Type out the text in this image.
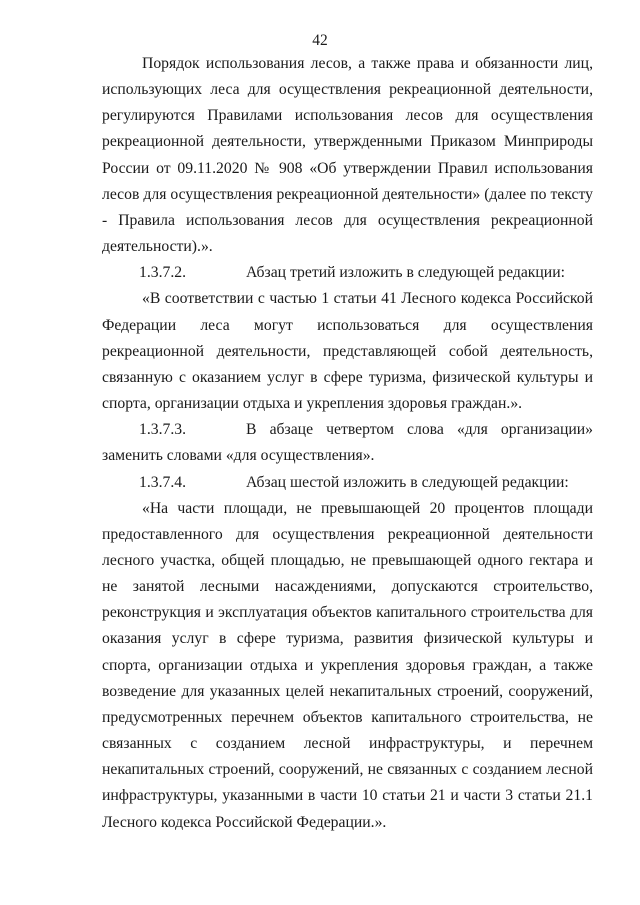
42

Порядок использования лесов, а также права и обязанности лиц, использующих леса для осуществления рекреационной деятельности, регулируются Правилами использования лесов для осуществления рекреационной деятельности, утвержденными Приказом Минприроды России от 09.11.2020 № 908 «Об утверждении Правил использования лесов для осуществления рекреационной деятельности» (далее по тексту - Правила использования лесов для осуществления рекреационной деятельности).».

1.3.7.2.	Абзац третий изложить в следующей редакции:

«В соответствии с частью 1 статьи 41 Лесного кодекса Российской Федерации леса могут использоваться для осуществления рекреационной деятельности, представляющей собой деятельность, связанную с оказанием услуг в сфере туризма, физической культуры и спорта, организации отдыха и укрепления здоровья граждан.».

1.3.7.3.	В абзаце четвертом слова «для организации» заменить словами «для осуществления».

1.3.7.4.	Абзац шестой изложить в следующей редакции:

«На части площади, не превышающей 20 процентов площади предоставленного для осуществления рекреационной деятельности лесного участка, общей площадью, не превышающей одного гектара и не занятой лесными насаждениями, допускаются строительство, реконструкция и эксплуатация объектов капитального строительства для оказания услуг в сфере туризма, развития физической культуры и спорта, организации отдыха и укрепления здоровья граждан, а также возведение для указанных целей некапитальных строений, сооружений, предусмотренных перечнем объектов капитального строительства, не связанных с созданием лесной инфраструктуры, и перечнем некапитальных строений, сооружений, не связанных с созданием лесной инфраструктуры, указанными в части 10 статьи 21 и части 3 статьи 21.1 Лесного кодекса Российской Федерации.».
